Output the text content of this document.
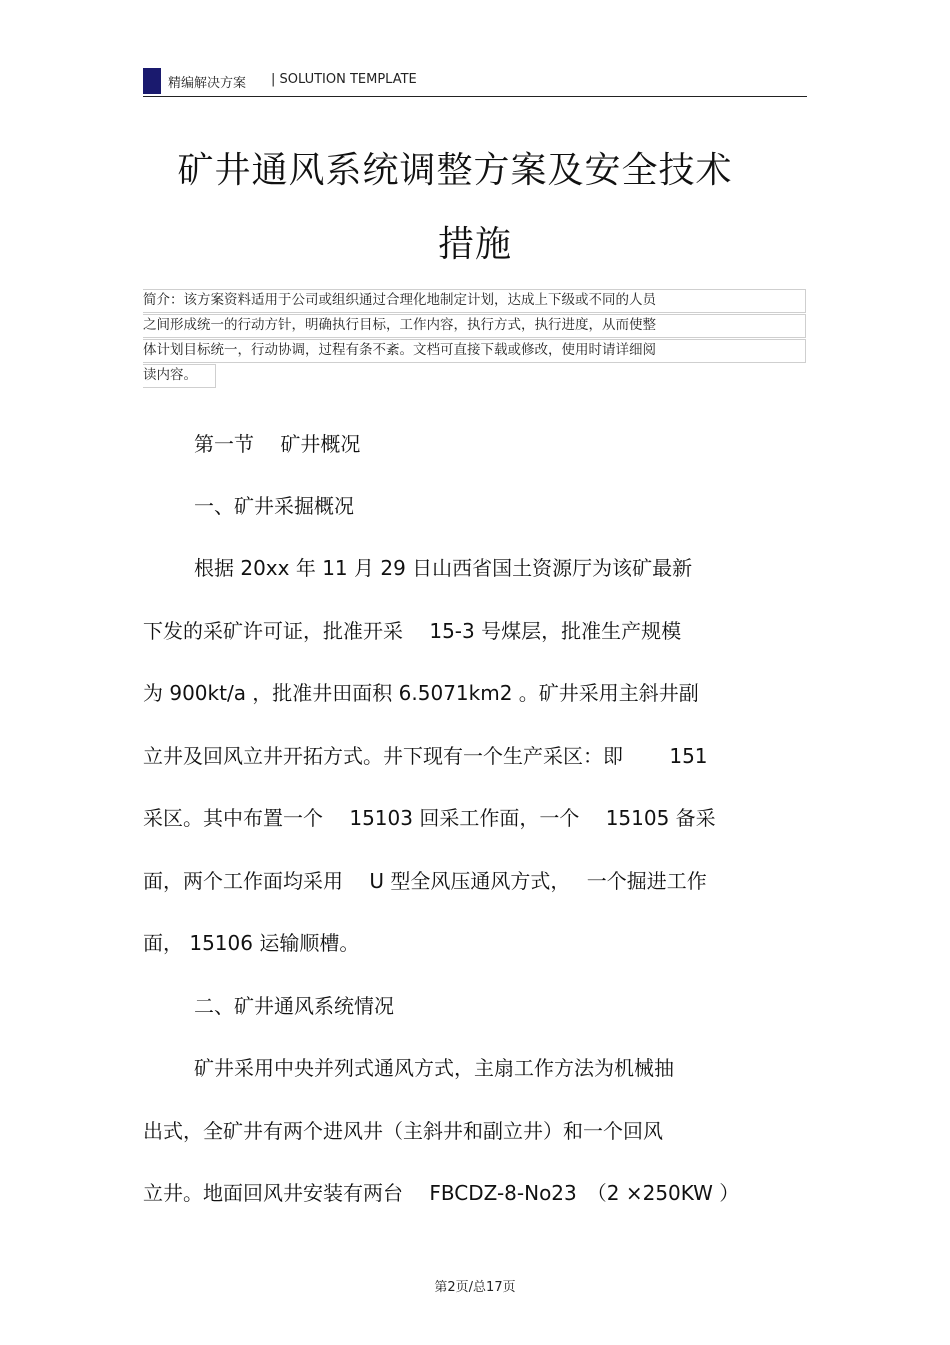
精编解决方案 | SOLUTION TEMPLATE
矿井通风系统调整方案及安全技术
措施
简介：该方案资料适用于公司或组织通过合理化地制定计划，达成上下级或不同的人员
之间形成统一的行动方针，明确执行目标，工作内容，执行方式，执行进度，从而使整
体计划目标统一，行动协调，过程有条不紊。文档可直接下载或修改，使用时请详细阅
读内容。
第一节　 矿井概况
一、矿井采掘概况
根据 20xx 年 11 月 29 日山西省国土资源厅为该矿最新
下发的采矿许可证，批准开采　 15-3 号煤层，批准生产规模
为 900kt/a ，批准井田面积 6.5071km2 。矿井采用主斜井副
立井及回风立井开拓方式。井下现有一个生产采区：即　　 151
采区。其中布置一个　 15103 回采工作面，一个　 15105 备采
面，两个工作面均采用　 U 型全风压通风方式，　 一个掘进工作
面， 15106 运输顺槽。
二、矿井通风系统情况
矿井采用中央并列式通风方式，主扇工作方法为机械抽
出式，全矿井有两个进风井（主斜井和副立井）和一个回风
立井。地面回风井安装有两台　 FBCDZ-8-No23　（2 ×250KW ）
第2页/总17页
